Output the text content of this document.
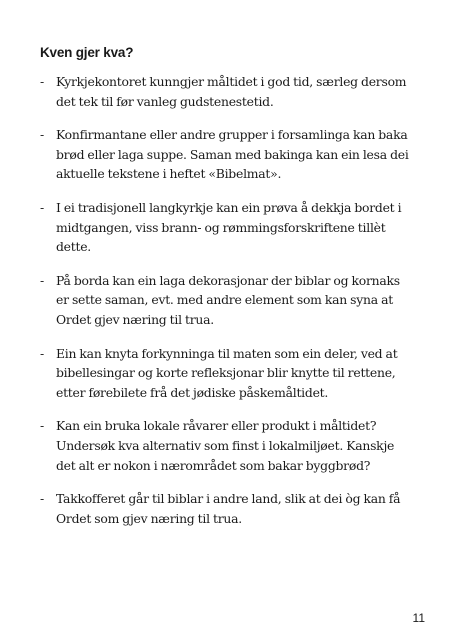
Kven gjer kva?
- Kyrkjekontoret kunngjer måltidet i god tid, særleg dersom det tek til før vanleg gudstenestetid.
- Konfirmantane eller andre grupper i forsamlinga kan baka brød eller laga suppe. Saman med bakinga kan ein lesa dei aktuelle tekstene i heftet «Bibelmat».
- I ei tradisjonell langkyrkje kan ein prøva å dekkja bordet i midtgangen, viss brann- og rømmingsforskriftene tillèt dette.
- På borda kan ein laga dekorasjonar der biblar og kornaks er sette saman, evt. med andre element som kan syna at Ordet gjev næring til trua.
- Ein kan knyta forkynninga til maten som ein deler, ved at bibellesingar og korte refleksjonar blir knytte til rettene, etter førebilete frå det jødiske påskemåltidet.
- Kan ein bruka lokale råvarer eller produkt i måltidet? Undersøk kva alternativ som finst i lokalmiljøet. Kanskje det alt er nokon i nærområdet som bakar byggbrød?
- Takkofferet går til biblar i andre land, slik at dei òg kan få Ordet som gjev næring til trua.
11
